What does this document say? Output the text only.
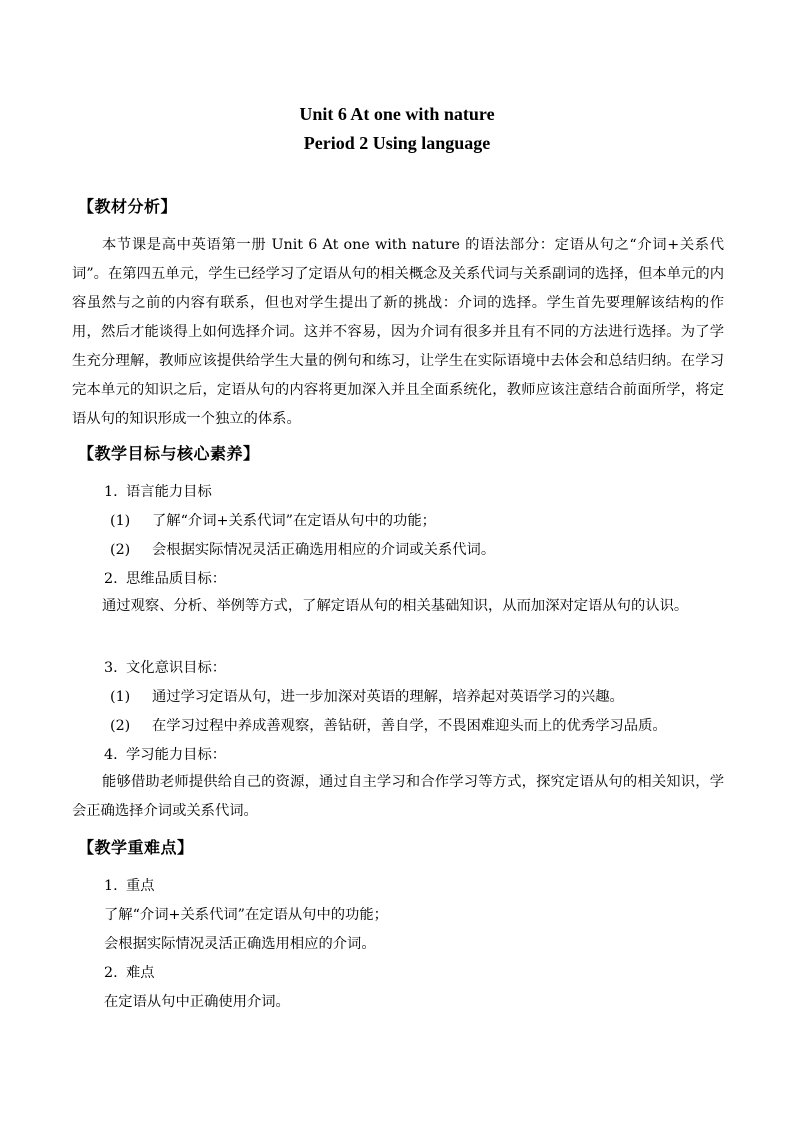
Unit 6 At one with nature
Period 2 Using language
【教材分析】

本节课是高中英语第一册 Unit 6 At one with nature 的语法部分：定语从句之“介词+关系代词”。在第四五单元，学生已经学习了定语从句的相关概念及关系代词与关系副词的选择，但本单元的内容虽然与之前的内容有联系，但也对学生提出了新的挑战：介词的选择。学生首先要理解该结构的作用，然后才能谈得上如何选择介词。这并不容易，因为介词有很多并且有不同的方法进行选择。为了学生充分理解，教师应该提供给学生大量的例句和练习，让学生在实际语境中去体会和总结归纳。在学习完本单元的知识之后，定语从句的内容将更加深入并且全面系统化，教师应该注意结合前面所学，将定语从句的知识形成一个独立的体系。

【教学目标与核心素养】
1. 语言能力目标
(1) 了解“介词+关系代词”在定语从句中的功能；
(2) 会根据实际情况灵活正确选用相应的介词或关系代词。
2. 思维品质目标：

通过观察、分析、举例等方式，了解定语从句的相关基础知识，从而加深对定语从句的认识。

3. 文化意识目标：
(1) 通过学习定语从句，进一步加深对英语的理解，培养起对英语学习的兴趣。
(2) 在学习过程中养成善观察，善钻研，善自学，不畏困难迎头而上的优秀学习品质。
4. 学习能力目标：

能够借助老师提供给自己的资源，通过自主学习和合作学习等方式，探究定语从句的相关知识，学会正确选择介词或关系代词。

【教学重难点】
1. 重点
了解“介词+关系代词”在定语从句中的功能；
会根据实际情况灵活正确选用相应的介词。
2. 难点
在定语从句中正确使用介词。
